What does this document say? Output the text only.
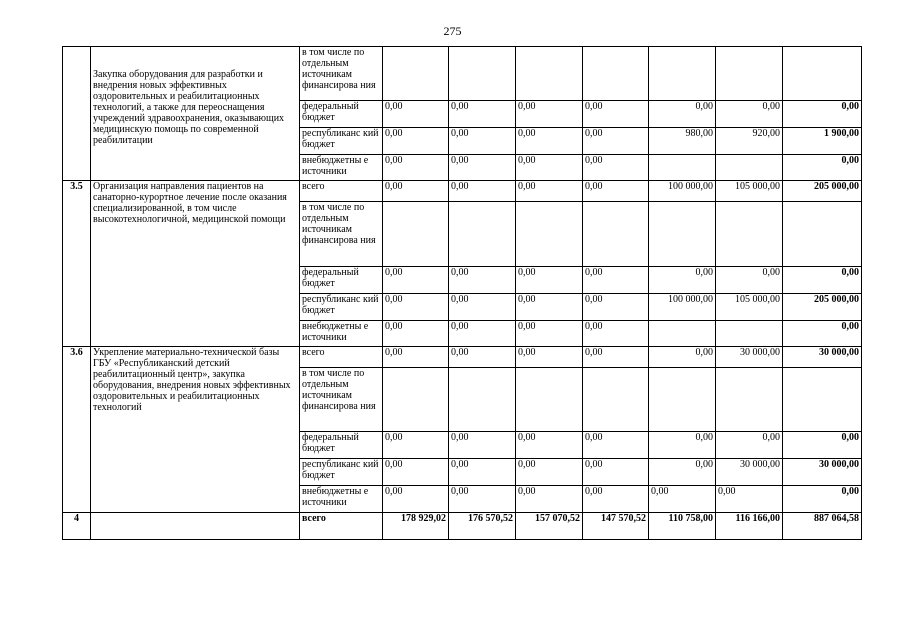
275
	Закупка оборудования для разработки и внедрения новых эффективных оздоровительных и реабилитационных технологий, а также для переоснащения учреждений здравоохранения, оказывающих медицинскую помощь по современной реабилитации	в том числе по отдельным источникам финансирова ния							
		федеральный бюджет	0,00	0,00	0,00	0,00	0,00	0,00	0,00
		республиканс кий бюджет	0,00	0,00	0,00	0,00	980,00	920,00	1 900,00
		внебюджетны е источники	0,00	0,00	0,00	0,00			0,00
3.5	Организация направления пациентов на санаторно-курортное лечение после оказания специализированной, в том числе высокотехнологичной, медицинской помощи	всего	0,00	0,00	0,00	0,00	100 000,00	105 000,00	205 000,00
		в том числе по отдельным источникам финансирова ния							
		федеральный бюджет	0,00	0,00	0,00	0,00	0,00	0,00	0,00
		республиканс кий бюджет	0,00	0,00	0,00	0,00	100 000,00	105 000,00	205 000,00
		внебюджетны е источники	0,00	0,00	0,00	0,00			0,00
3.6	Укрепление материально-технической базы ГБУ «Республиканский детский реабилитационный центр», закупка оборудования, внедрения новых эффективных оздоровительных и реабилитационных технологий	всего	0,00	0,00	0,00	0,00	0,00	30 000,00	30 000,00
		в том числе по отдельным источникам финансирова ния							
		федеральный бюджет	0,00	0,00	0,00	0,00	0,00	0,00	0,00
		республиканс кий бюджет	0,00	0,00	0,00	0,00	0,00	30 000,00	30 000,00
		внебюджетны е источники	0,00	0,00	0,00	0,00	0,00	0,00	0,00
4		всего	178 929,02	176 570,52	157 070,52	147 570,52	110 758,00	116 166,00	887 064,58
